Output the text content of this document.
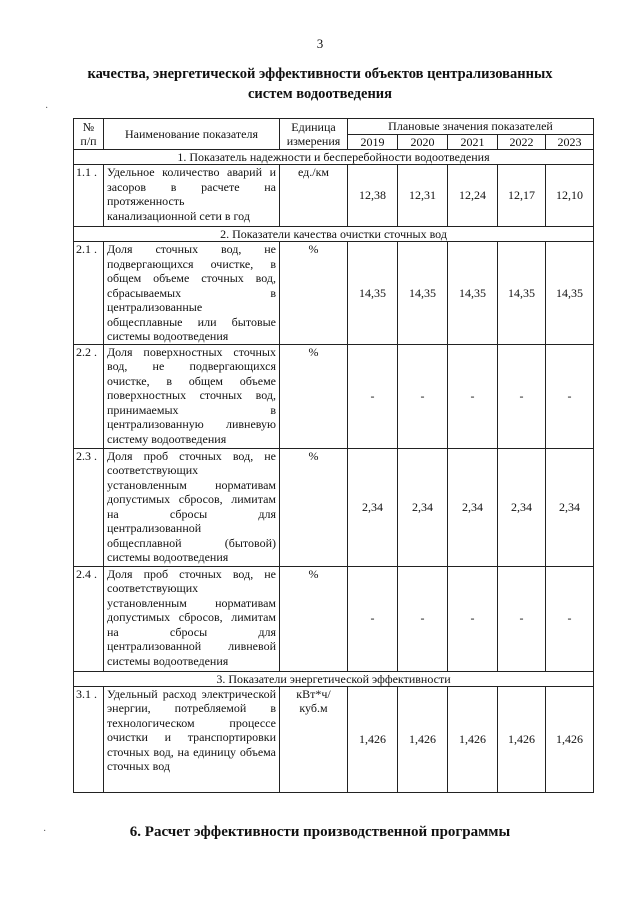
3
качества, энергетической эффективности объектов централизованных
систем водоотведения
·
№ п/п	Наименование показателя	Единица измерения	Плановые значения показателей				
			2019	2020	2021	2022	2023
1. Показатель надежности и бесперебойности водоотведения							
1.1 .	Удельное количество аварий и засоров в расчете на протяженность канализационной сети в год	ед./км	12,38	12,31	12,24	12,17	12,10
2. Показатели качества очистки сточных вод							
2.1 .	Доля сточных вод, не подвергающихся очистке, в общем объеме сточных вод, сбрасываемых в централизованные общесплавные или бытовые системы водоотведения	%	14,35	14,35	14,35	14,35	14,35
2.2 .	Доля поверхностных сточных вод, не подвергающихся очистке, в общем объеме поверхностных сточных вод, принимаемых в централизованную ливневую систему водоотведения	%	-	-	-	-	-
2.3 .	Доля проб сточных вод, не соответствующих установленным нормативам допустимых сбросов, лимитам на сбросы для централизованной общесплавной (бытовой) системы водоотведения	%	2,34	2,34	2,34	2,34	2,34
2.4 .	Доля проб сточных вод, не соответствующих установленным нормативам допустимых сбросов, лимитам на сбросы для централизованной ливневой системы водоотведения	%	-	-	-	-	-
3. Показатели энергетической эффективности							
3.1 .	Удельный расход электрической энергии, потребляемой в технологическом процессе очистки и транспортировки сточных вод, на единицу объема сточных вод	кВт*ч/ куб.м	1,426	1,426	1,426	1,426	1,426
·	6. Расчет эффективности производственной программы
